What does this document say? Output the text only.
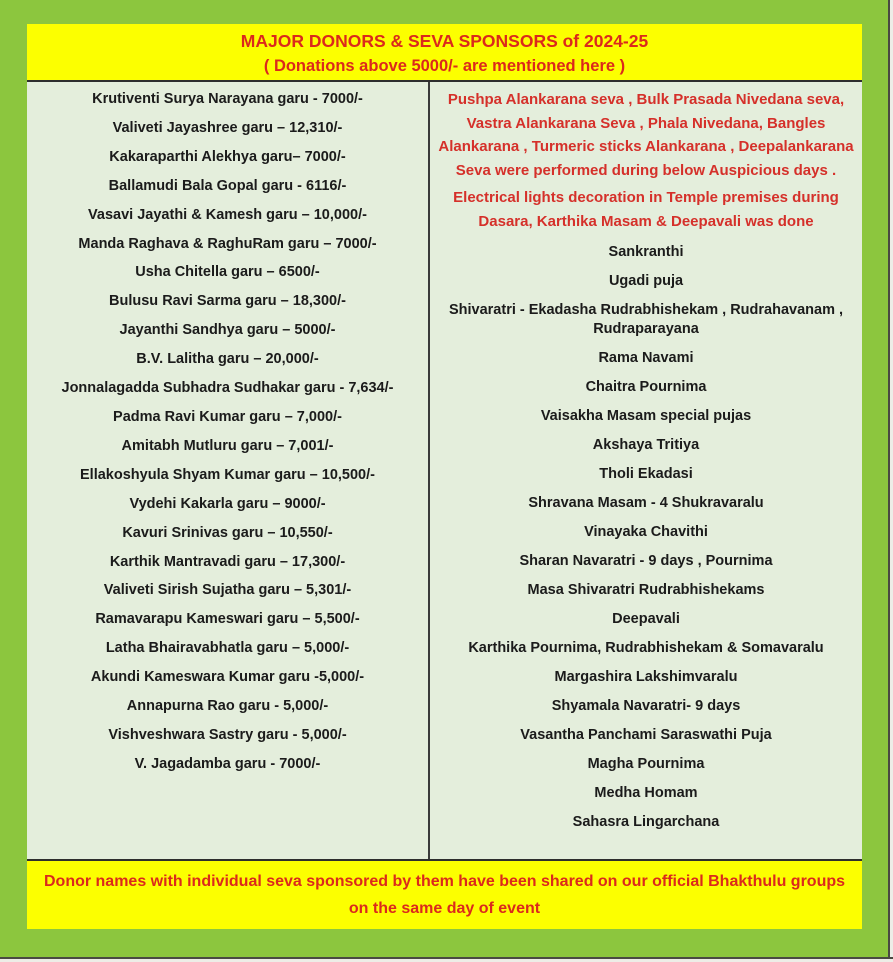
MAJOR DONORS & SEVA SPONSORS of 2024-25
( Donations above 5000/- are mentioned here )
Krutiventi Surya Narayana garu - 7000/-
Valiveti Jayashree garu – 12,310/-
Kakaraparthi Alekhya garu– 7000/-
Ballamudi Bala Gopal garu - 6116/-
Vasavi Jayathi & Kamesh garu – 10,000/-
Manda Raghava & RaghuRam garu – 7000/-
Usha Chitella garu – 6500/-
Bulusu Ravi Sarma garu – 18,300/-
Jayanthi Sandhya garu – 5000/-
B.V. Lalitha garu – 20,000/-
Jonnalagadda Subhadra Sudhakar garu - 7,634/-
Padma Ravi Kumar garu – 7,000/-
Amitabh Mutluru garu – 7,001/-
Ellakoshyula Shyam Kumar garu – 10,500/-
Vydehi Kakarla garu – 9000/-
Kavuri Srinivas garu – 10,550/-
Karthik Mantravadi garu – 17,300/-
Valiveti Sirish Sujatha garu – 5,301/-
Ramavarapu Kameswari garu – 5,500/-
Latha Bhairavabhatla garu – 5,000/-
Akundi Kameswara Kumar garu -5,000/-
Annapurna Rao garu - 5,000/-
Vishveshwara Sastry garu - 5,000/-
V. Jagadamba garu - 7000/-

Pushpa Alankarana seva , Bulk Prasada Nivedana seva, Vastra Alankarana Seva , Phala Nivedana, Bangles Alankarana , Turmeric sticks Alankarana , Deepalankarana Seva were performed during below Auspicious days .

Electrical lights decoration in Temple premises during Dasara, Karthika Masam & Deepavali was done

Sankranthi
Ugadi puja
Shivaratri - Ekadasha Rudrabhishekam , Rudrahavanam , Rudraparayana
Rama Navami
Chaitra Pournima
Vaisakha Masam special pujas
Akshaya Tritiya
Tholi Ekadasi
Shravana Masam - 4 Shukravaralu
Vinayaka Chavithi
Sharan Navaratri - 9 days , Pournima
Masa Shivaratri Rudrabhishekams
Deepavali
Karthika Pournima, Rudrabhishekam & Somavaralu
Margashira Lakshimvaralu
Shyamala Navaratri- 9 days
Vasantha Panchami Saraswathi Puja
Magha Pournima
Medha Homam
Sahasra Lingarchana
Donor names with individual seva sponsored by them have been shared on our official Bhakthulu groups
on the same day of event
